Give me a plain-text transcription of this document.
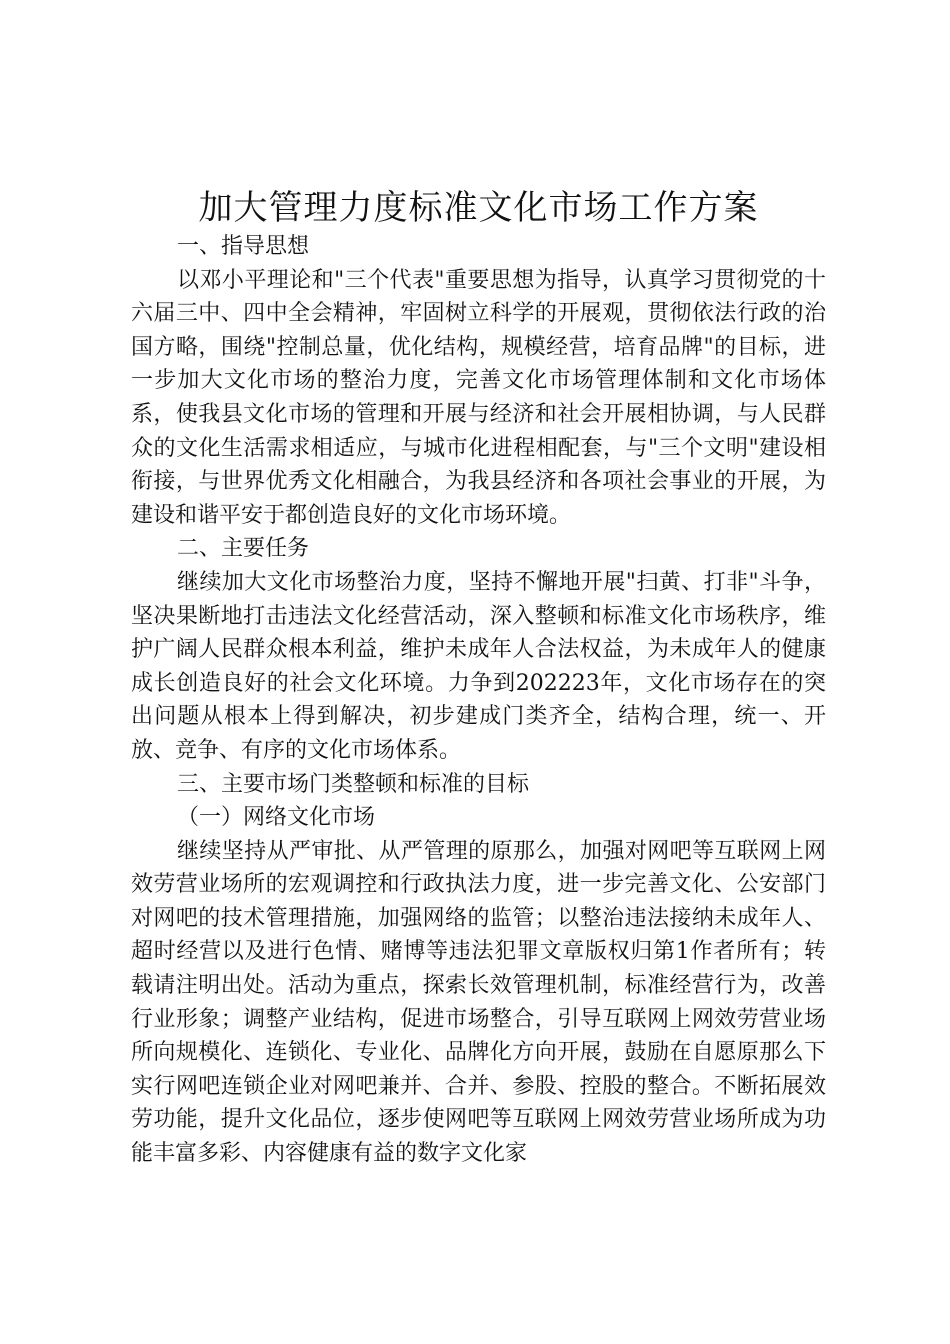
加大管理力度标准文化市场工作方案

一、指导思想

以邓小平理论和"三个代表"重要思想为指导，认真学习贯彻党的十六届三中、四中全会精神，牢固树立科学的开展观，贯彻依法行政的治国方略，围绕"控制总量，优化结构，规模经营，培育品牌"的目标，进一步加大文化市场的整治力度，完善文化市场管理体制和文化市场体系，使我县文化市场的管理和开展与经济和社会开展相协调，与人民群众的文化生活需求相适应，与城市化进程相配套，与"三个文明"建设相衔接，与世界优秀文化相融合，为我县经济和各项社会事业的开展，为建设和谐平安于都创造良好的文化市场环境。

二、主要任务

继续加大文化市场整治力度，坚持不懈地开展"扫黄、打非"斗争，坚决果断地打击违法文化经营活动，深入整顿和标准文化市场秩序，维护广阔人民群众根本利益，维护未成年人合法权益，为未成年人的健康成长创造良好的社会文化环境。力争到202223年，文化市场存在的突出问题从根本上得到解决，初步建成门类齐全，结构合理，统一、开放、竞争、有序的文化市场体系。

三、主要市场门类整顿和标准的目标

（一）网络文化市场

继续坚持从严审批、从严管理的原那么，加强对网吧等互联网上网效劳营业场所的宏观调控和行政执法力度，进一步完善文化、公安部门对网吧的技术管理措施，加强网络的监管；以整治违法接纳未成年人、超时经营以及进行色情、赌博等违法犯罪文章版权归第1作者所有；转载请注明出处。活动为重点，探索长效管理机制，标准经营行为，改善行业形象；调整产业结构，促进市场整合，引导互联网上网效劳营业场所向规模化、连锁化、专业化、品牌化方向开展，鼓励在自愿原那么下实行网吧连锁企业对网吧兼并、合并、参股、控股的整合。不断拓展效劳功能，提升文化品位，逐步使网吧等互联网上网效劳营业场所成为功能丰富多彩、内容健康有益的数字文化家
